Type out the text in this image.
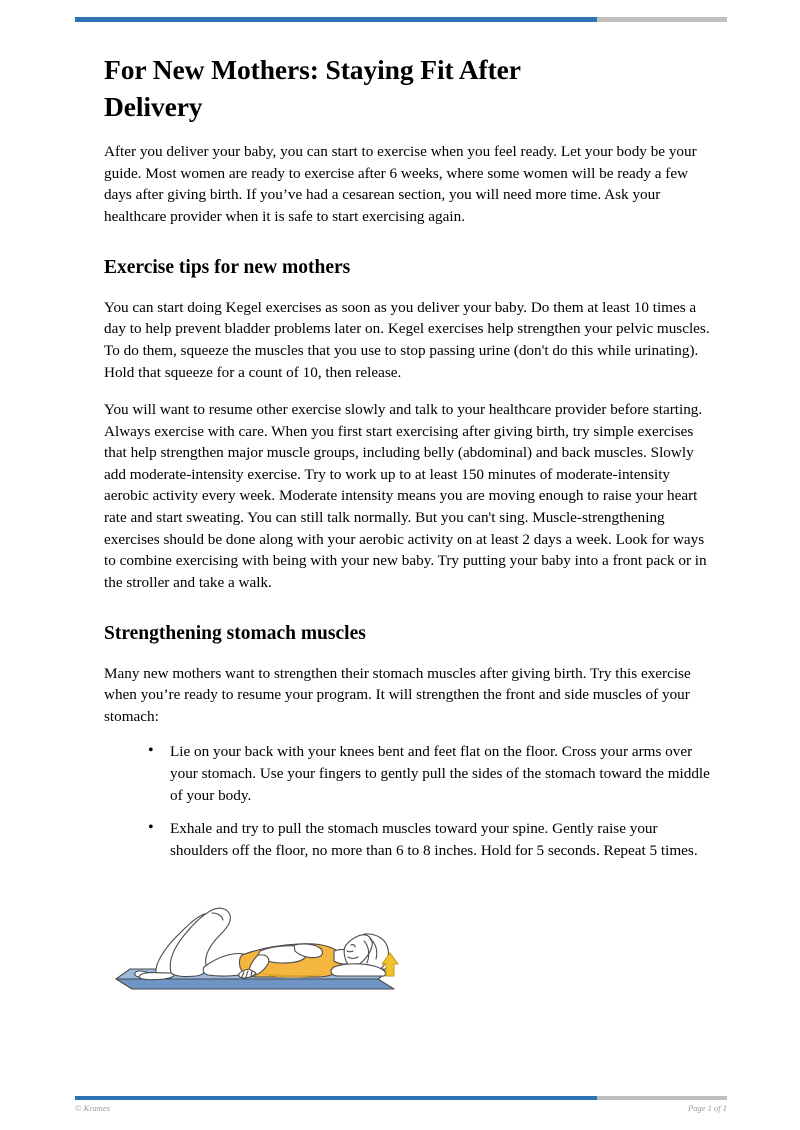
For New Mothers: Staying Fit After Delivery

After you deliver your baby, you can start to exercise when you feel ready. Let your body be your guide. Most women are ready to exercise after 6 weeks, where some women will be ready a few days after giving birth. If you’ve had a cesarean section, you will need more time. Ask your healthcare provider when it is safe to start exercising again.

Exercise tips for new mothers

You can start doing Kegel exercises as soon as you deliver your baby. Do them at least 10 times a day to help prevent bladder problems later on. Kegel exercises help strengthen your pelvic muscles. To do them, squeeze the muscles that you use to stop passing urine (don't do this while urinating). Hold that squeeze for a count of 10, then release.

You will want to resume other exercise slowly and talk to your healthcare provider before starting. Always exercise with care. When you first start exercising after giving birth, try simple exercises that help strengthen major muscle groups, including belly (abdominal) and back muscles. Slowly add moderate-intensity exercise. Try to work up to at least 150 minutes of moderate-intensity aerobic activity every week. Moderate intensity means you are moving enough to raise your heart rate and start sweating. You can still talk normally. But you can't sing. Muscle-strengthening exercises should be done along with your aerobic activity on at least 2 days a week. Look for ways to combine exercising with being with your new baby. Try putting your baby into a front pack or in the stroller and take a walk.

Strengthening stomach muscles

Many new mothers want to strengthen their stomach muscles after giving birth. Try this exercise when you’re ready to resume your program. It will strengthen the front and side muscles of your stomach:

• Lie on your back with your knees bent and feet flat on the floor. Cross your arms over your stomach. Use your fingers to gently pull the sides of the stomach toward the middle of your body.
• Exhale and try to pull the stomach muscles toward your spine. Gently raise your shoulders off the floor, no more than 6 to 8 inches. Hold for 5 seconds. Repeat 5 times.
© Krames	Page 1 of 1
